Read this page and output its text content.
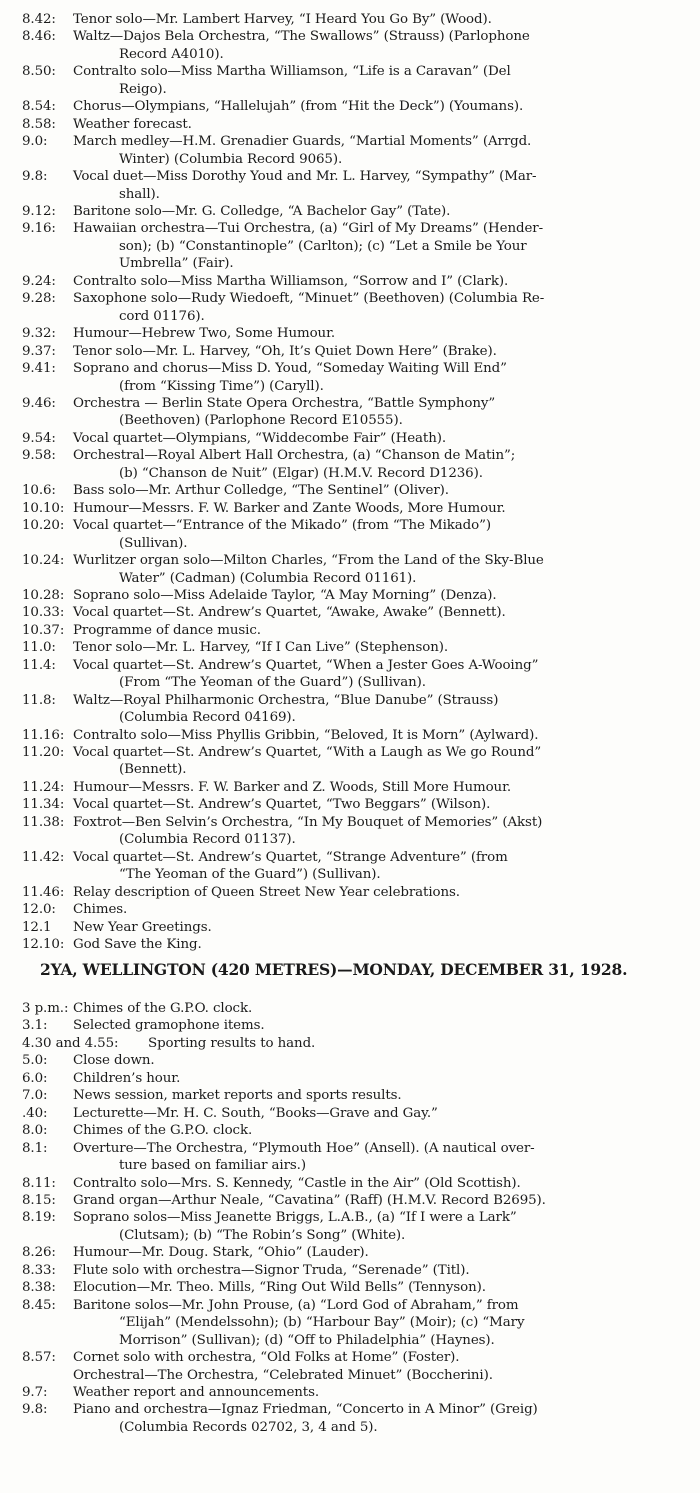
8.42:	Tenor solo—Mr. Lambert Harvey, “I Heard You Go By” (Wood).
8.46:	Waltz—Dajos Bela Orchestra, “The Swallows” (Strauss) (Parlophone
Record A4010).
8.50:	Contralto solo—Miss Martha Williamson, “Life is a Caravan” (Del
Reigo).
8.54:	Chorus—Olympians, “Hallelujah” (from “Hit the Deck”) (Youmans).
8.58:	Weather forecast.
9.0:	March medley—H.M. Grenadier Guards, “Martial Moments” (Arrgd.
Winter) (Columbia Record 9065).
9.8:	Vocal duet—Miss Dorothy Youd and Mr. L. Harvey, “Sympathy” (Mar-
shall).
9.12:	Baritone solo—Mr. G. Colledge, “A Bachelor Gay” (Tate).
9.16:	Hawaiian orchestra—Tui Orchestra, (a) “Girl of My Dreams” (Hender-
son); (b) “Constantinople” (Carlton); (c) “Let a Smile be Your
Umbrella” (Fair).
9.24:	Contralto solo—Miss Martha Williamson, “Sorrow and I” (Clark).
9.28:	Saxophone solo—Rudy Wiedoeft, “Minuet” (Beethoven) (Columbia Re-
cord 01176).
9.32:	Humour—Hebrew Two, Some Humour.
9.37:	Tenor solo—Mr. L. Harvey, “Oh, It’s Quiet Down Here” (Brake).
9.41:	Soprano and chorus—Miss D. Youd, “Someday Waiting Will End”
(from “Kissing Time”) (Caryll).
9.46:	Orchestra — Berlin State Opera Orchestra, “Battle Symphony”
(Beethoven) (Parlophone Record E10555).
9.54:	Vocal quartet—Olympians, “Widdecombe Fair” (Heath).
9.58:	Orchestral—Royal Albert Hall Orchestra, (a) “Chanson de Matin”;
(b) “Chanson de Nuit” (Elgar) (H.M.V. Record D1236).
10.6:	Bass solo—Mr. Arthur Colledge, “The Sentinel” (Oliver).
10.10: Humour—Messrs. F. W. Barker and Zante Woods, More Humour.
10.20: Vocal quartet—“Entrance of the Mikado” (from “The Mikado”)
(Sullivan).
10.24: Wurlitzer organ solo—Milton Charles, “From the Land of the Sky-Blue
Water” (Cadman) (Columbia Record 01161).
10.28: Soprano solo—Miss Adelaide Taylor, “A May Morning” (Denza).
10.33: Vocal quartet—St. Andrew’s Quartet, “Awake, Awake” (Bennett).
10.37: Programme of dance music.
11.0:	Tenor solo—Mr. L. Harvey, “If I Can Live” (Stephenson).
11.4:	Vocal quartet—St. Andrew’s Quartet, “When a Jester Goes A-Wooing”
(From “The Yeoman of the Guard”) (Sullivan).
11.8:	Waltz—Royal Philharmonic Orchestra, “Blue Danube” (Strauss)
(Columbia Record 04169).
11.16: Contralto solo—Miss Phyllis Gribbin, “Beloved, It is Morn” (Aylward).
11.20: Vocal quartet—St. Andrew’s Quartet, “With a Laugh as We go Round”
(Bennett).
11.24: Humour—Messrs. F. W. Barker and Z. Woods, Still More Humour.
11.34: Vocal quartet—St. Andrew’s Quartet, “Two Beggars” (Wilson).
11.38: Foxtrot—Ben Selvin’s Orchestra, “In My Bouquet of Memories” (Akst)
(Columbia Record 01137).
11.42: Vocal quartet—St. Andrew’s Quartet, “Strange Adventure” (from
“The Yeoman of the Guard”) (Sullivan).
11.46: Relay description of Queen Street New Year celebrations.
12.0:	Chimes.
12.1	New Year Greetings.
12.10: God Save the King.
2YA, WELLINGTON (420 METRES)—MONDAY, DECEMBER 31, 1928.
3 p.m.: Chimes of the G.P.O. clock.
3.1:	Selected gramophone items.
4.30 and 4.55: Sporting results to hand.
5.0:	Close down.
6.0:	Children’s hour.
7.0:	News session, market reports and sports results.
.40:	Lecturette—Mr. H. C. South, “Books—Grave and Gay.”
8.0:	Chimes of the G.P.O. clock.
8.1:	Overture—The Orchestra, “Plymouth Hoe” (Ansell). (A nautical over-
ture based on familiar airs.)
8.11:	Contralto solo—Mrs. S. Kennedy, “Castle in the Air” (Old Scottish).
8.15:	Grand organ—Arthur Neale, “Cavatina” (Raff) (H.M.V. Record B2695).
8.19:	Soprano solos—Miss Jeanette Briggs, L.A.B., (a) “If I were a Lark”
(Clutsam); (b) “The Robin’s Song” (White).
8.26:	Humour—Mr. Doug. Stark, “Ohio” (Lauder).
8.33:	Flute solo with orchestra—Signor Truda, “Serenade” (Titl).
8.38:	Elocution—Mr. Theo. Mills, “Ring Out Wild Bells” (Tennyson).
8.45:	Baritone solos—Mr. John Prouse, (a) “Lord God of Abraham,” from
“Elijah” (Mendelssohn); (b) “Harbour Bay” (Moir); (c) “Mary
Morrison” (Sullivan); (d) “Off to Philadelphia” (Haynes).
8.57:	Cornet solo with orchestra, “Old Folks at Home” (Foster).
Orchestral—The Orchestra, “Celebrated Minuet” (Boccherini).
9.7:	Weather report and announcements.
9.8:	Piano and orchestra—Ignaz Friedman, “Concerto in A Minor” (Greig)
(Columbia Records 02702, 3, 4 and 5).
